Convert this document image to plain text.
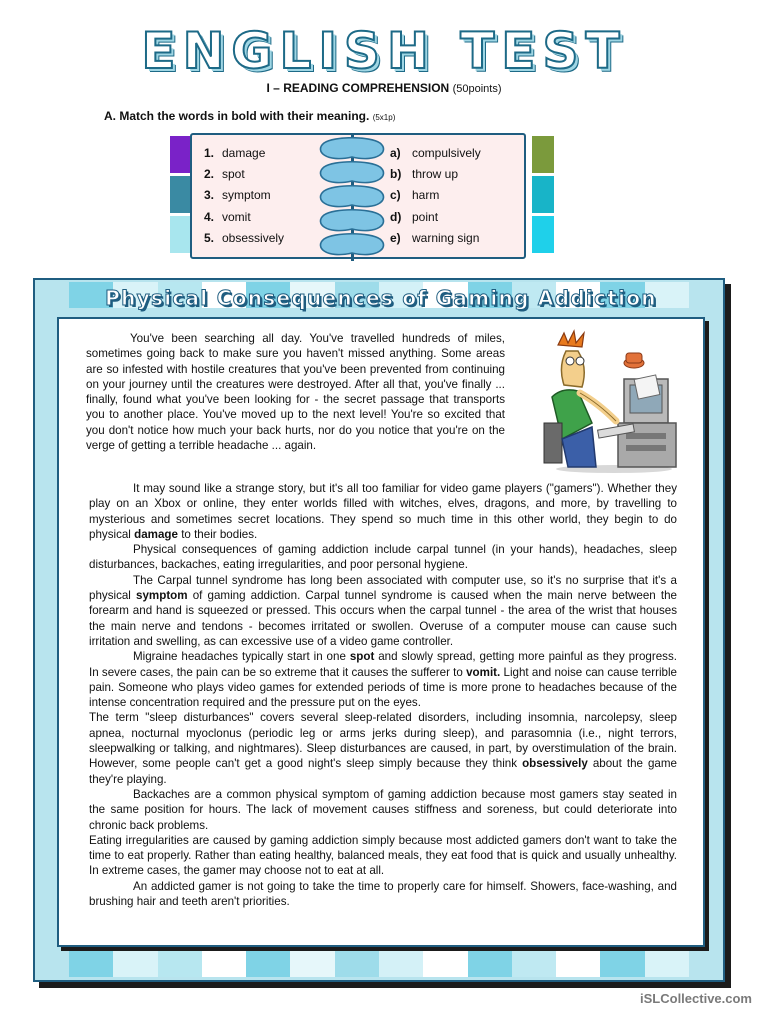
ENGLISH TEST
I – READING COMPREHENSION (50points)
A. Match the words in bold with their meaning. (5x1p)
1. damage
2. spot
3. symptom
4. vomit
5. obsessively
a) compulsively
b) throw up
c) harm
d) point
e) warning sign
Physical Consequences of Gaming Addiction

You've been searching all day. You've travelled hundreds of miles, sometimes going back to make sure you haven't missed anything. Some areas are so infested with hostile creatures that you've been prevented from continuing on your journey until the creatures were destroyed. After all that, you've finally ... finally, found what you've been looking for - the secret passage that transports you to another place. You've moved up to the next level! You're so excited that you don't notice how much your back hurts, nor do you notice that you're on the verge of getting a terrible headache ... again.

It may sound like a strange story, but it's all too familiar for video game players ("gamers"). Whether they play on an Xbox or online, they enter worlds filled with witches, elves, dragons, and more, by travelling to mysterious and sometimes secret locations. They spend so much time in this other world, they begin to do physical damage to their bodies.

Physical consequences of gaming addiction include carpal tunnel (in your hands), headaches, sleep disturbances, backaches, eating irregularities, and poor personal hygiene.

The Carpal tunnel syndrome has long been associated with computer use, so it's no surprise that it's a physical symptom of gaming addiction. Carpal tunnel syndrome is caused when the main nerve between the forearm and hand is squeezed or pressed. This occurs when the carpal tunnel - the area of the wrist that houses the main nerve and tendons - becomes irritated or swollen. Overuse of a computer mouse can cause such irritation and swelling, as can excessive use of a video game controller.

Migraine headaches typically start in one spot and slowly spread, getting more painful as they progress. In severe cases, the pain can be so extreme that it causes the sufferer to vomit. Light and noise can cause terrible pain. Someone who plays video games for extended periods of time is more prone to headaches because of the intense concentration required and the pressure put on the eyes.

The term "sleep disturbances" covers several sleep-related disorders, including insomnia, narcolepsy, sleep apnea, nocturnal myoclonus (periodic leg or arms jerks during sleep), and parasomnia (i.e., night terrors, sleepwalking or talking, and nightmares). Sleep disturbances are caused, in part, by overstimulation of the brain. However, some people can't get a good night's sleep simply because they think obsessively about the game they're playing.

Backaches are a common physical symptom of gaming addiction because most gamers stay seated in the same position for hours. The lack of movement causes stiffness and soreness, but could deteriorate into chronic back problems.

Eating irregularities are caused by gaming addiction simply because most addicted gamers don't want to take the time to eat properly. Rather than eating healthy, balanced meals, they eat food that is quick and usually unhealthy. In extreme cases, the gamer may choose not to eat at all.

An addicted gamer is not going to take the time to properly care for himself. Showers, face-washing, and brushing hair and teeth aren't priorities.

iSLCollective.com
